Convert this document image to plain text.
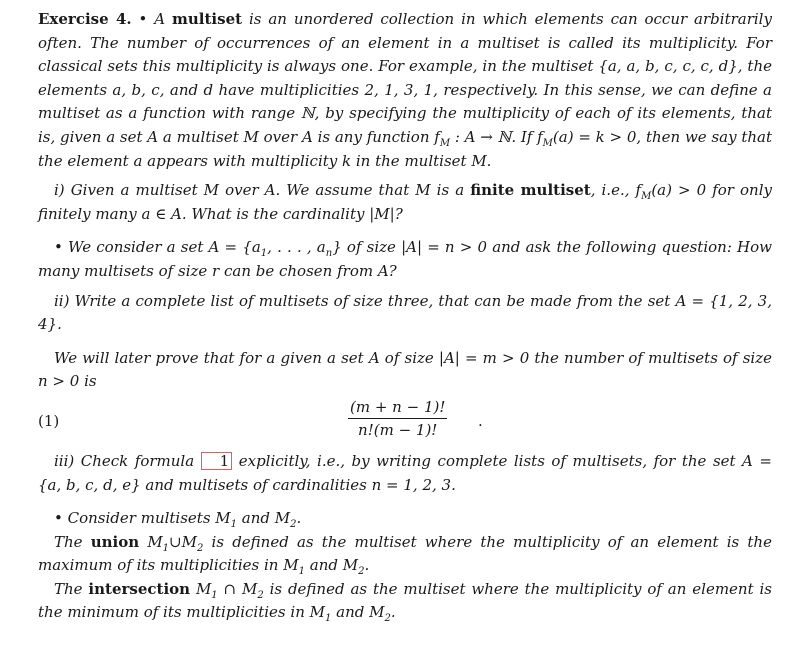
Exercise 4. • A multiset is an unordered collection in which elements can occur arbitrarily often. The number of occurrences of an element in a multiset is called its multiplicity. For classical sets this multiplicity is always one. For example, in the multiset {a, a, b, c, c, c, d}, the elements a, b, c, and d have multiplicities 2, 1, 3, 1, respectively. In this sense, we can define a multiset as a function with range ℕ, by specifying the multiplicity of each of its elements, that is, given a set A a multiset M over A is any function $f_M$ : A → ℕ. If $f_M(a) = k > 0$, then we say that the element a appears with multiplicity k in the multiset M.

i) Given a multiset M over A. We assume that M is a finite multiset, i.e., $f_M(a) > 0$ for only finitely many a ∈ A. What is the cardinality |M|?

• We consider a set $A = \{a_1$, . . . , $a_n$} of size |A| = n > 0 and ask the following question: How many multisets of size r can be chosen from A?

ii) Write a complete list of multisets of size three, that can be made from the set A = {1, 2, 3, 4}.

We will later prove that for a given a set A of size |A| = m > 0 the number of multisets of size n > 0 is

(1)	$\frac{(m + n - 1)!}{n!(m - 1)!}$ .

iii) Check formula 1 explicitly, i.e., by writing complete lists of multisets, for the set A = {a, b, c, d, e} and multisets of cardinalities n = 1, 2, 3.

• Consider multisets $M_1$ and $M_2$.

The union $M_1\cup M_2$ is defined as the multiset where the multiplicity of an element is the maximum of its multiplicities in $M_1$ and $M_2$.

The intersection $M_1$ ∩ $M_2$ is defined as the multiset where the multiplicity of an element is the minimum of its multiplicities in $M_1$ and $M_2$.
